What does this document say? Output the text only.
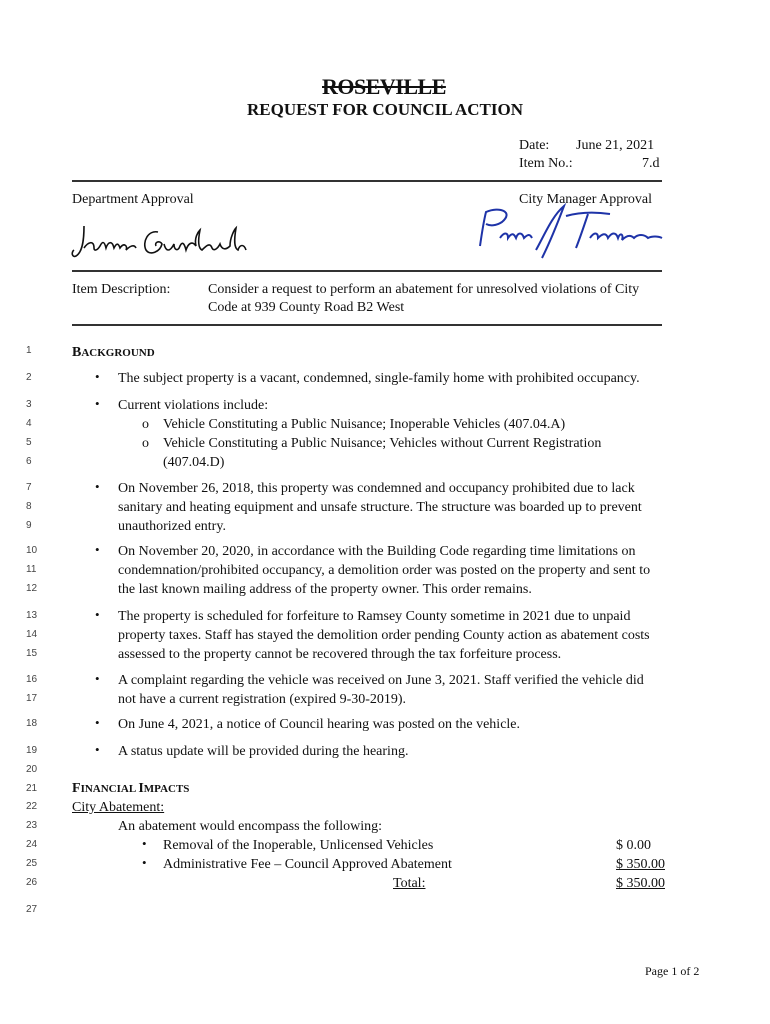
ROSEVILLE
REQUEST FOR COUNCIL ACTION
Date: June 21, 2021
Item No.:	7.d
Department Approval	City Manager Approval
Item Description:	Consider a request to perform an abatement for unresolved violations of City
Code at 939 County Road B2 West
1
2
3
4
5
6
7
8
9
10
11
12
13
14
15
16
17
18
19
20
21
22
23
24
25
26
27
BACKGROUND
• The subject property is a vacant, condemned, single-family home with prohibited occupancy.
• Current violations include:
o Vehicle Constituting a Public Nuisance; Inoperable Vehicles (407.04.A)
o Vehicle Constituting a Public Nuisance; Vehicles without Current Registration
(407.04.D)
• On November 26, 2018, this property was condemned and occupancy prohibited due to lack
sanitary and heating equipment and unsafe structure. The structure was boarded up to prevent
unauthorized entry.
• On November 20, 2020, in accordance with the Building Code regarding time limitations on
condemnation/prohibited occupancy, a demolition order was posted on the property and sent to
the last known mailing address of the property owner. This order remains.
• The property is scheduled for forfeiture to Ramsey County sometime in 2021 due to unpaid
property taxes. Staff has stayed the demolition order pending County action as abatement costs
assessed to the property cannot be recovered through the tax forfeiture process.
• A complaint regarding the vehicle was received on June 3, 2021. Staff verified the vehicle did
not have a current registration (expired 9-30-2019).
• On June 4, 2021, a notice of Council hearing was posted on the vehicle.
• A status update will be provided during the hearing.
FINANCIAL IMPACTS
City Abatement:
An abatement would encompass the following:
• Removal of the Inoperable, Unlicensed Vehicles	$ 0.00
• Administrative Fee – Council Approved Abatement	$ 350.00
Total:	$ 350.00
Page 1 of 2
